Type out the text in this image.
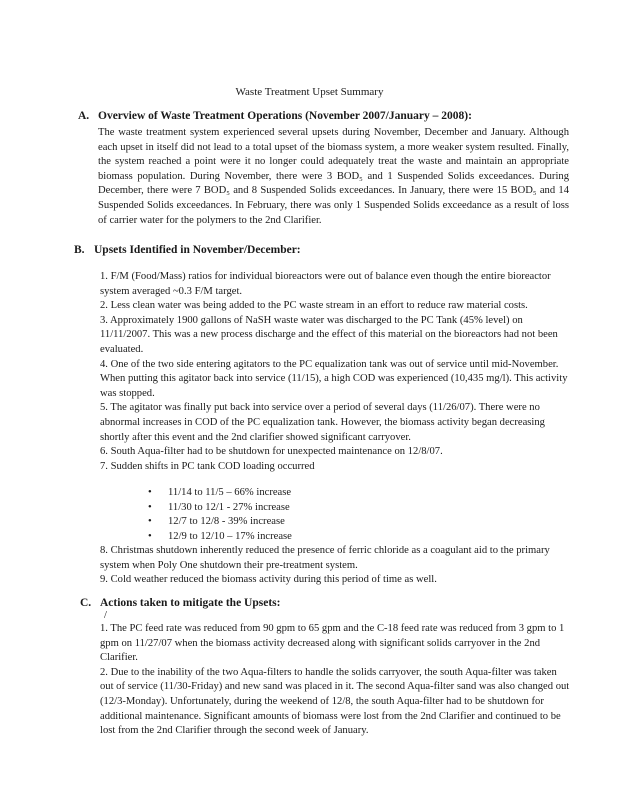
Waste Treatment Upset Summary
A. Overview of Waste Treatment Operations (November 2007/January – 2008):
The waste treatment system experienced several upsets during November, December and January. Although each upset in itself did not lead to a total upset of the biomass system, a more weaker system resulted. Finally, the system reached a point were it no longer could adequately treat the waste and maintain an appropriate biomass population. During November, there were 3 BOD₅ and 1 Suspended Solids exceedances. During December, there were 7 BOD₅ and 8 Suspended Solids exceedances. In January, there were 15 BOD₅ and 14 Suspended Solids exceedances. In February, there was only 1 Suspended Solids exceedance as a result of loss of carrier water for the polymers to the 2nd Clarifier.
B. Upsets Identified in November/December:
1. F/M (Food/Mass) ratios for individual bioreactors were out of balance even though the entire bioreactor system averaged ~0.3 F/M target.
2. Less clean water was being added to the PC waste stream in an effort to reduce raw material costs.
3. Approximately 1900 gallons of NaSH waste water was discharged to the PC Tank (45% level) on 11/11/2007. This was a new process discharge and the effect of this material on the bioreactors had not been evaluated.
4. One of the two side entering agitators to the PC equalization tank was out of service until mid-November. When putting this agitator back into service (11/15), a high COD was experienced (10,435 mg/l). This activity was stopped.
5. The agitator was finally put back into service over a period of several days (11/26/07). There were no abnormal increases in COD of the PC equalization tank. However, the biomass activity began decreasing shortly after this event and the 2nd clarifier showed significant carryover.
6. South Aqua-filter had to be shutdown for unexpected maintenance on 12/8/07.
7. Sudden shifts in PC tank COD loading occurred
• 11/14 to 11/5 – 66% increase
• 11/30 to 12/1 - 27% increase
• 12/7 to 12/8 - 39% increase
• 12/9 to 12/10 – 17% increase
8. Christmas shutdown inherently reduced the presence of ferric chloride as a coagulant aid to the primary system when Poly One shutdown their pre-treatment system.
9. Cold weather reduced the biomass activity during this period of time as well.
C. Actions taken to mitigate the Upsets:
/
1. The PC feed rate was reduced from 90 gpm to 65 gpm and the C-18 feed rate was reduced from 3 gpm to 1 gpm on 11/27/07 when the biomass activity decreased along with significant solids carryover in the 2nd Clarifier.
2. Due to the inability of the two Aqua-filters to handle the solids carryover, the south Aqua-filter was taken out of service (11/30-Friday) and new sand was placed in it. The second Aqua-filter sand was also changed out (12/3-Monday). Unfortunately, during the weekend of 12/8, the south Aqua-filter had to be shutdown for additional maintenance. Significant amounts of biomass were lost from the 2nd Clarifier and continued to be lost from the 2nd Clarifier through the second week of January.
